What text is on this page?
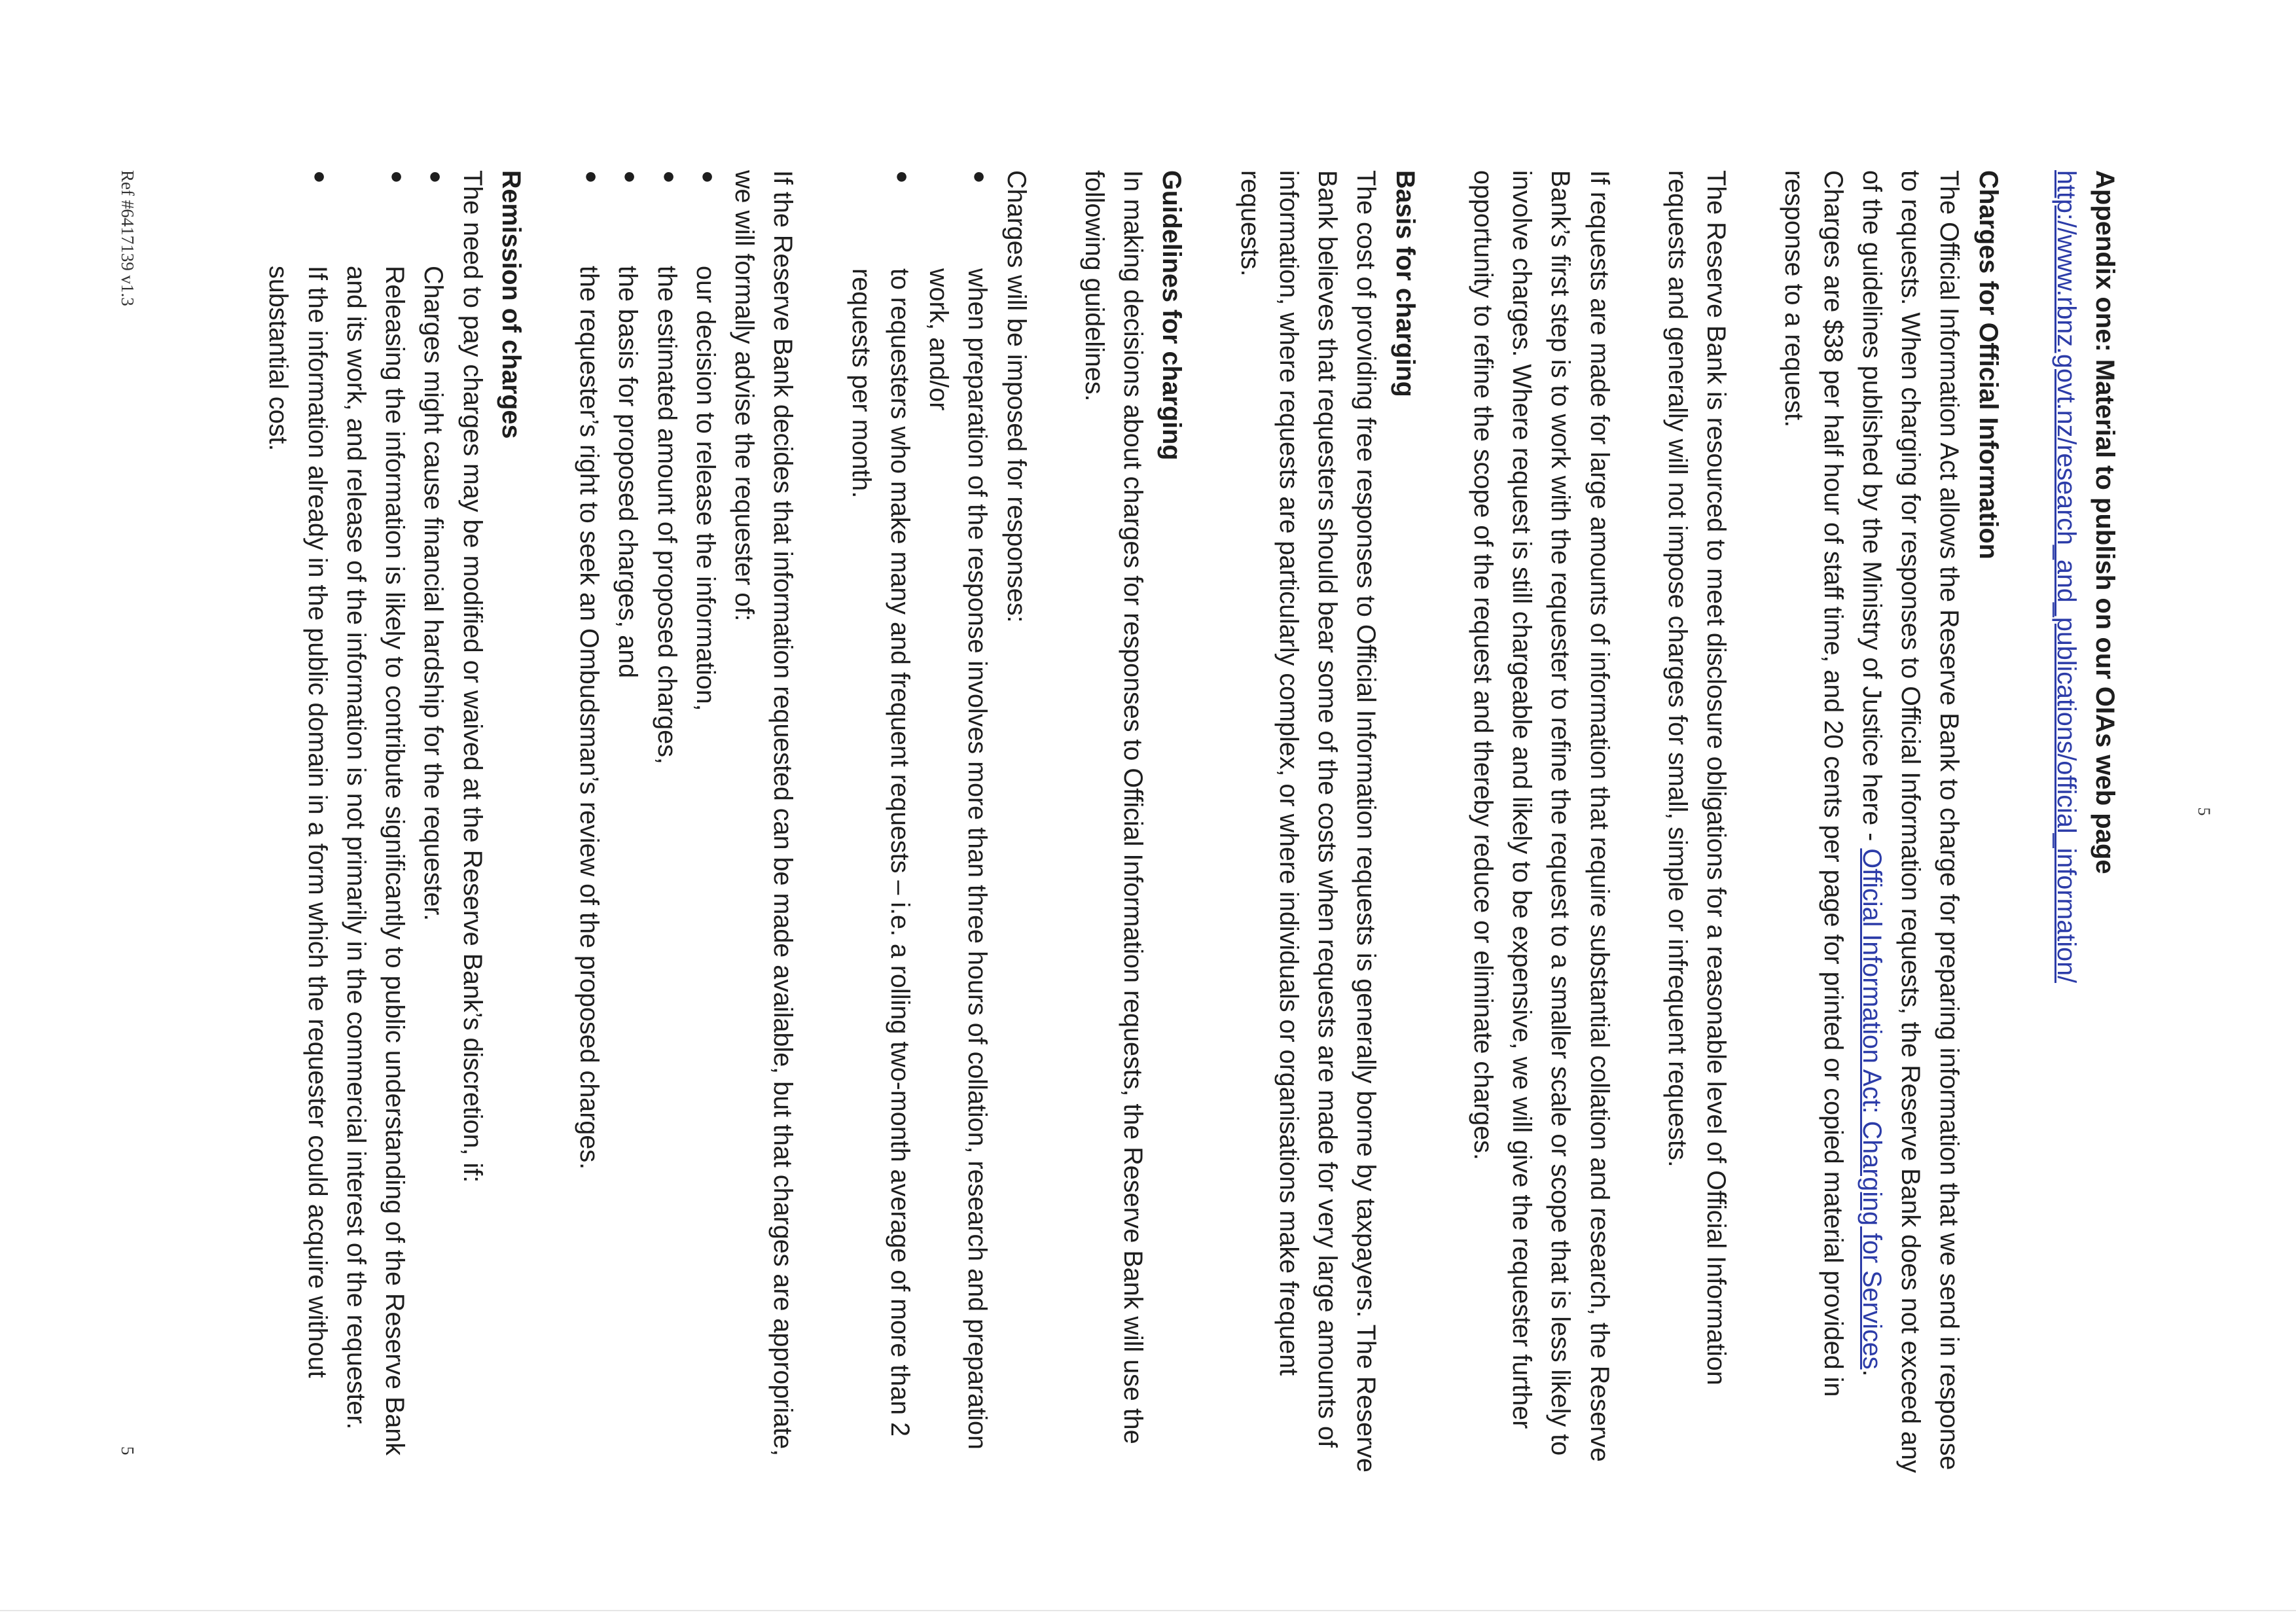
5

Appendix one: Material to publish on our OIAs web page

http://www.rbnz.govt.nz/research_and_publications/official_information/

Charges for Official Information

The Official Information Act allows the Reserve Bank to charge for preparing information that we send in response to requests. When charging for responses to Official Information requests, the Reserve Bank does not exceed any of the guidelines published by the Ministry of Justice here - Official Information Act: Charging for Services. Charges are $38 per half hour of staff time, and 20 cents per page for printed or copied material provided in response to a request.

The Reserve Bank is resourced to meet disclosure obligations for a reasonable level of Official Information requests and generally will not impose charges for small, simple or infrequent requests.

If requests are made for large amounts of information that require substantial collation and research, the Reserve Bank’s first step is to work with the requester to refine the request to a smaller scale or scope that is less likely to involve charges. Where request is still chargeable and likely to be expensive, we will give the requester further opportunity to refine the scope of the request and thereby reduce or eliminate charges.

Basis for charging

The cost of providing free responses to Official Information requests is generally borne by taxpayers. The Reserve Bank believes that requesters should bear some of the costs when requests are made for very large amounts of information, where requests are particularly complex, or where individuals or organisations make frequent requests.

Guidelines for charging

In making decisions about charges for responses to Official Information requests, the Reserve Bank will use the following guidelines.

Charges will be imposed for responses:

●
when preparation of the response involves more than three hours of collation, research and preparation work, and/or
●
to requesters who make many and frequent requests – i.e. a rolling two-month average of more than 2 requests per month.

If the Reserve Bank decides that information requested can be made available, but that charges are appropriate, we will formally advise the requester of:

●
our decision to release the information,
●
the estimated amount of proposed charges,
●
the basis for proposed charges, and
●
the requester’s right to seek an Ombudsman’s review of the proposed charges.

Remission of charges

The need to pay charges may be modified or waived at the Reserve Bank’s discretion, if:

●
Charges might cause financial hardship for the requester.
●
Releasing the information is likely to contribute significantly to public understanding of the Reserve Bank and its work, and release of the information is not primarily in the commercial interest of the requester.
●
If the information already in the public domain in a form which the requester could acquire without substantial cost.
Ref #6417139 v1.3
5
